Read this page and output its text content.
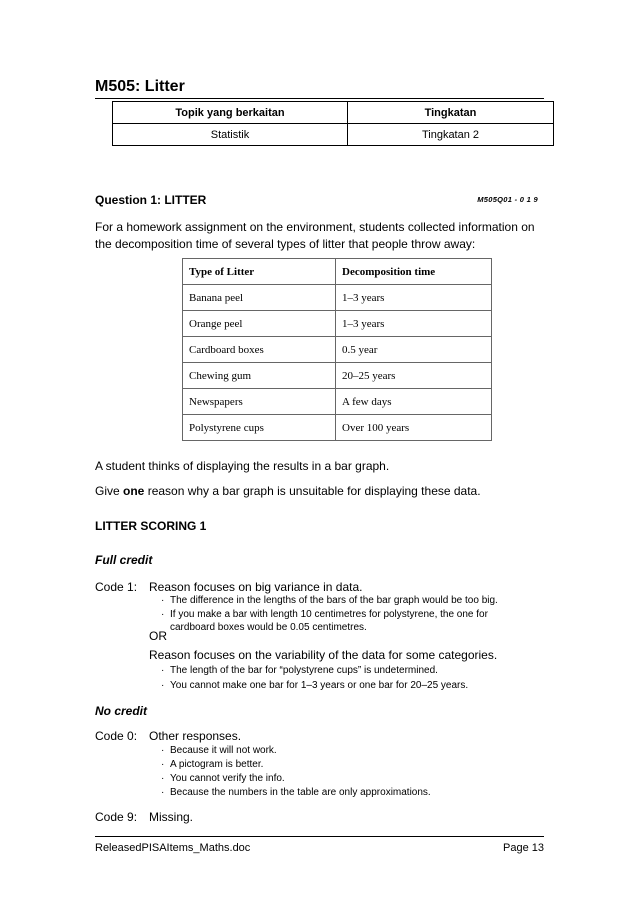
M505: Litter
Topik yang berkaitan	Tingkatan
Statistik	Tingkatan 2
Question 1: LITTER	M505Q01 - 0 1 9
For a homework assignment on the environment, students collected information on
the decomposition time of several types of litter that people throw away:
Type of Litter	Decomposition time
Banana peel	1–3 years
Orange peel	1–3 years
Cardboard boxes	0.5 year
Chewing gum	20–25 years
Newspapers	A few days
Polystyrene cups	Over 100 years
A student thinks of displaying the results in a bar graph.
Give one reason why a bar graph is unsuitable for displaying these data.
LITTER SCORING 1
Full credit
Code 1: Reason focuses on big variance in data.
· The difference in the lengths of the bars of the bar graph would be too big.
· If you make a bar with length 10 centimetres for polystyrene, the one for
cardboard boxes would be 0.05 centimetres.
OR
Reason focuses on the variability of the data for some categories.
· The length of the bar for “polystyrene cups” is undetermined.
· You cannot make one bar for 1–3 years or one bar for 20–25 years.
No credit
Code 0: Other responses.
· Because it will not work.
· A pictogram is better.
· You cannot verify the info.
· Because the numbers in the table are only approximations.
Code 9: Missing.
ReleasedPISAItems_Maths.doc	Page 13
